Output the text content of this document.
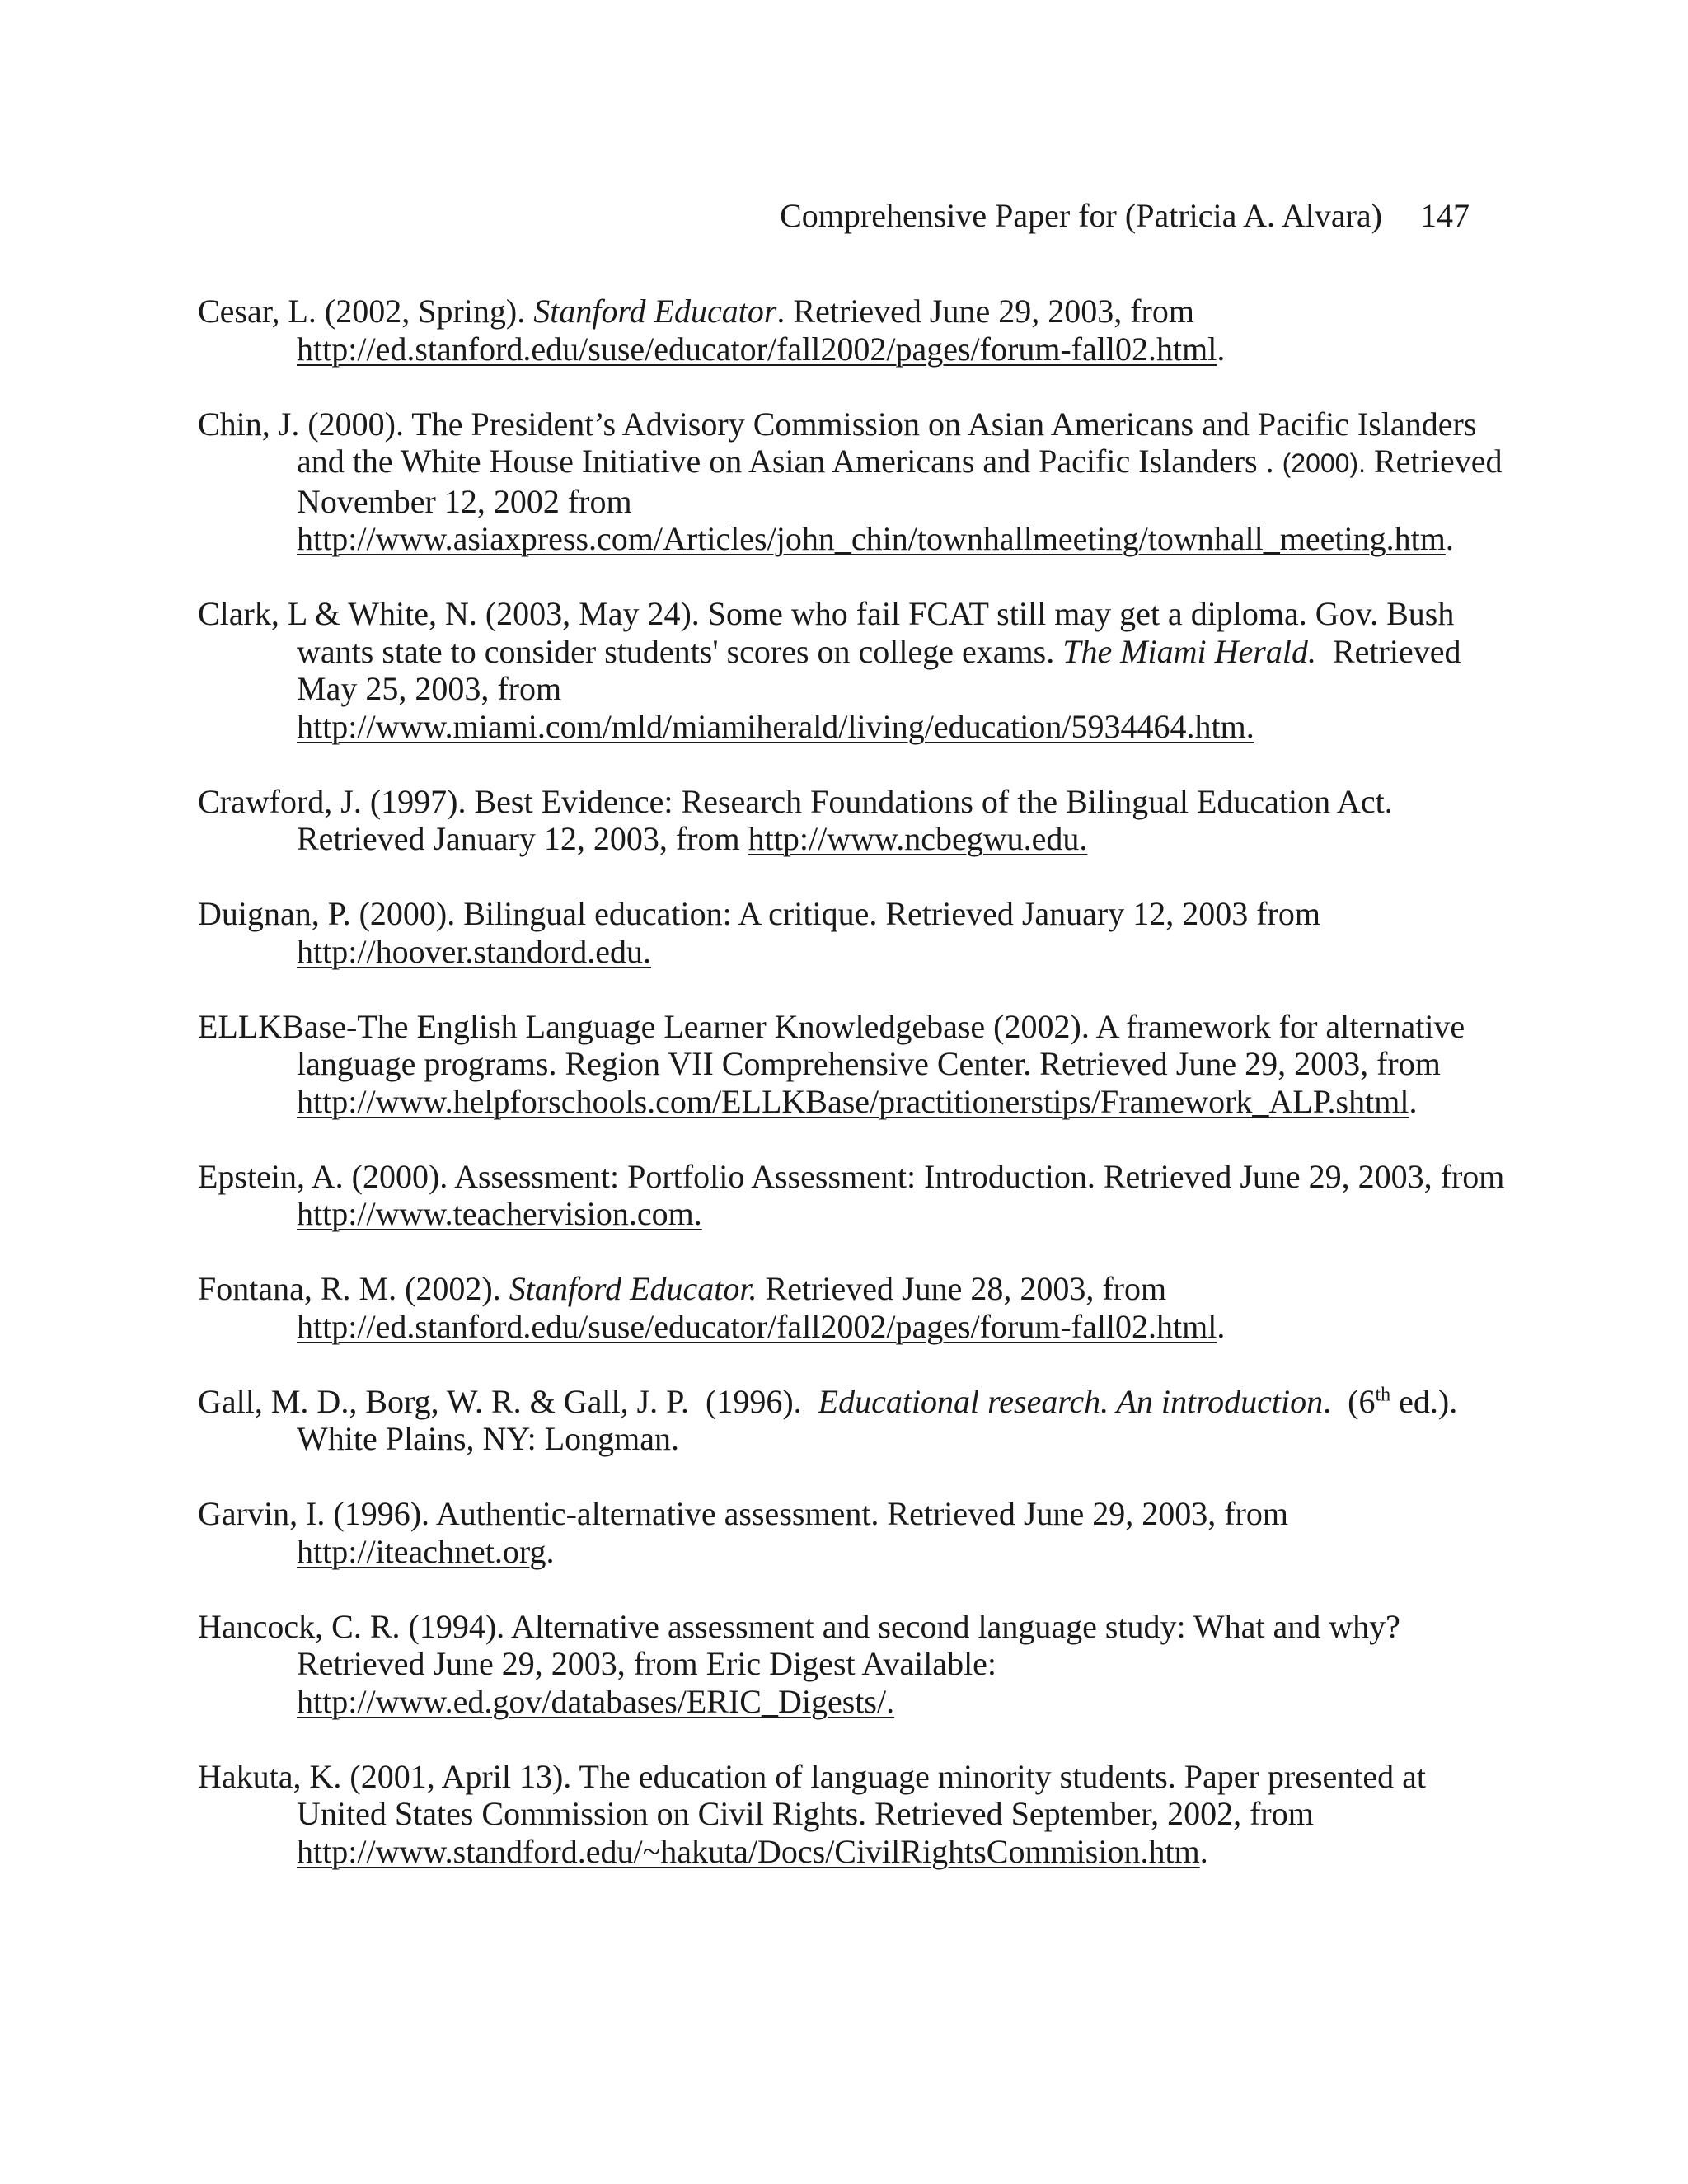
Comprehensive Paper for (Patricia A. Alvara) 147

Cesar, L. (2002, Spring). Stanford Educator. Retrieved June 29, 2003, from http://ed.stanford.edu/suse/educator/fall2002/pages/forum-fall02.html.

Chin, J. (2000). The President’s Advisory Commission on Asian Americans and Pacific Islanders and the White House Initiative on Asian Americans and Pacific Islanders . (2000). Retrieved November 12, 2002 from http://www.asiaxpress.com/Articles/john_chin/townhallmeeting/townhall_meeting.htm.

Clark, L & White, N. (2003, May 24). Some who fail FCAT still may get a diploma. Gov. Bush wants state to consider students' scores on college exams. The Miami Herald.  Retrieved May 25, 2003, from http://www.miami.com/mld/miamiherald/living/education/5934464.htm.

Crawford, J. (1997). Best Evidence: Research Foundations of the Bilingual Education Act. Retrieved January 12, 2003, from http://www.ncbegwu.edu.

Duignan, P. (2000). Bilingual education: A critique. Retrieved January 12, 2003 from http://hoover.standord.edu.

ELLKBase-The English Language Learner Knowledgebase (2002). A framework for alternative language programs. Region VII Comprehensive Center. Retrieved June 29, 2003, from http://www.helpforschools.com/ELLKBase/practitionerstips/Framework_ALP.shtml.

Epstein, A. (2000). Assessment: Portfolio Assessment: Introduction. Retrieved June 29, 2003, from http://www.teachervision.com.

Fontana, R. M. (2002). Stanford Educator. Retrieved June 28, 2003, from http://ed.stanford.edu/suse/educator/fall2002/pages/forum-fall02.html.

Gall, M. D., Borg, W. R. & Gall, J. P.  (1996).  Educational research. An introduction.  (6th ed.).  White Plains, NY: Longman.

Garvin, I. (1996). Authentic-alternative assessment. Retrieved June 29, 2003, from http://iteachnet.org.

Hancock, C. R. (1994). Alternative assessment and second language study: What and why? Retrieved June 29, 2003, from Eric Digest Available: http://www.ed.gov/databases/ERIC_Digests/.

Hakuta, K. (2001, April 13). The education of language minority students. Paper presented at United States Commission on Civil Rights. Retrieved September, 2002, from http://www.standford.edu/~hakuta/Docs/CivilRightsCommision.htm.
